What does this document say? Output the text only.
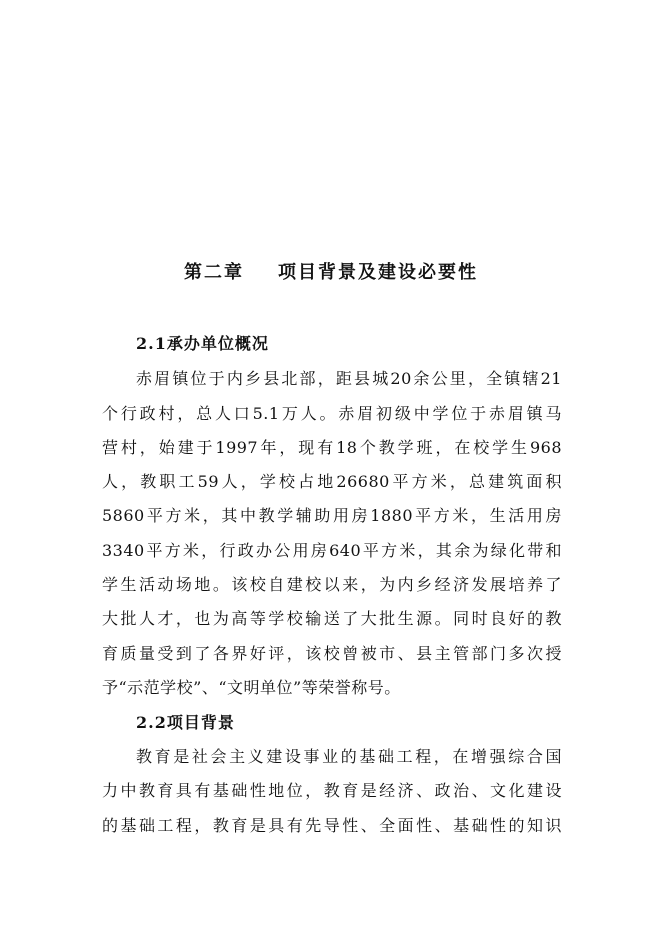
第二章 项目背景及建设必要性
2.1承办单位概况
赤眉镇位于内乡县北部，距县城20余公里，全镇辖21
个行政村，总人口5.1万人。赤眉初级中学位于赤眉镇马
营村，始建于1997年，现有18个教学班，在校学生968
人，教职工59人，学校占地26680平方米，总建筑面积
5860平方米，其中教学辅助用房1880平方米，生活用房
3340平方米，行政办公用房640平方米，其余为绿化带和
学生活动场地。该校自建校以来，为内乡经济发展培养了
大批人才，也为高等学校输送了大批生源。同时良好的教
育质量受到了各界好评，该校曾被市、县主管部门多次授
予“示范学校”、“文明单位”等荣誉称号。
2.2项目背景
教育是社会主义建设事业的基础工程，在增强综合国
力中教育具有基础性地位，教育是经济、政治、文化建设
的基础工程，教育是具有先导性、全面性、基础性的知识
